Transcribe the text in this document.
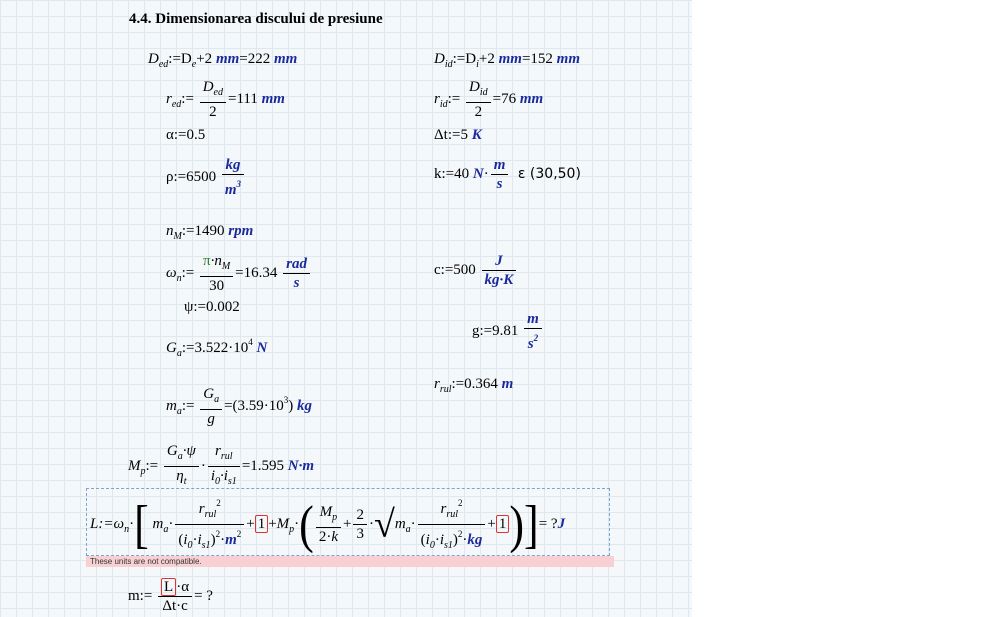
4.4. Dimensionarea discului de presiune
$D_{ed}:=D_e+2$ mm=222 mm	$D_{id}:=D_i+2$ mm=152 mm
$r_{ed}:= \frac{D_{ed}}{2} =111$ mm	$r_{id}:= \frac{D_{id}}{2} =76$ mm
α:=0.5	Δt:=5 K
ρ:=6500 $\frac{kg}{m^3}$	k:=40 $N\cdot \frac{m}{s}$ ε (30,50)
$n_M:=1490$ rpm
$\omega_n:= \frac{\pi\cdot n_M}{30} =16.34 \frac{\text{rad}}{s}$	c:=500 $\frac{J}{kg\cdot K}$
ψ:=0.002
g:=9.81 $\frac{m}{s^2}$
$G_a:=3.522\cdot 10^4$ N
$r_{rul}:=0.364$ m
$m_a:= \frac{G_a}{g} =(3.59\cdot 10^3)$ kg
$M_p:= \frac{G_a\cdot\psi}{\eta_t} \cdot \frac{r_{rul}}{i_0\cdot i_{s1}} =1.595$ N·m
$L:=\omega_n\cdot$[ $m_a\cdot \frac{r_{rul}^2}{(i_0\cdot i_{s1})^2\cdot m^2} + 1 +M_p\cdot( \frac{M_p}{2\cdot k} + \frac{2}{3} \cdot√m_a\cdot \frac{r_{rul}^2}{(i_0\cdot i_{s1})^2\cdot kg} + 1)]=$ ?J
These units are not compatible.
m:= $\frac{L \cdot\alpha}{\Delta t\cdot c}$ = ?
